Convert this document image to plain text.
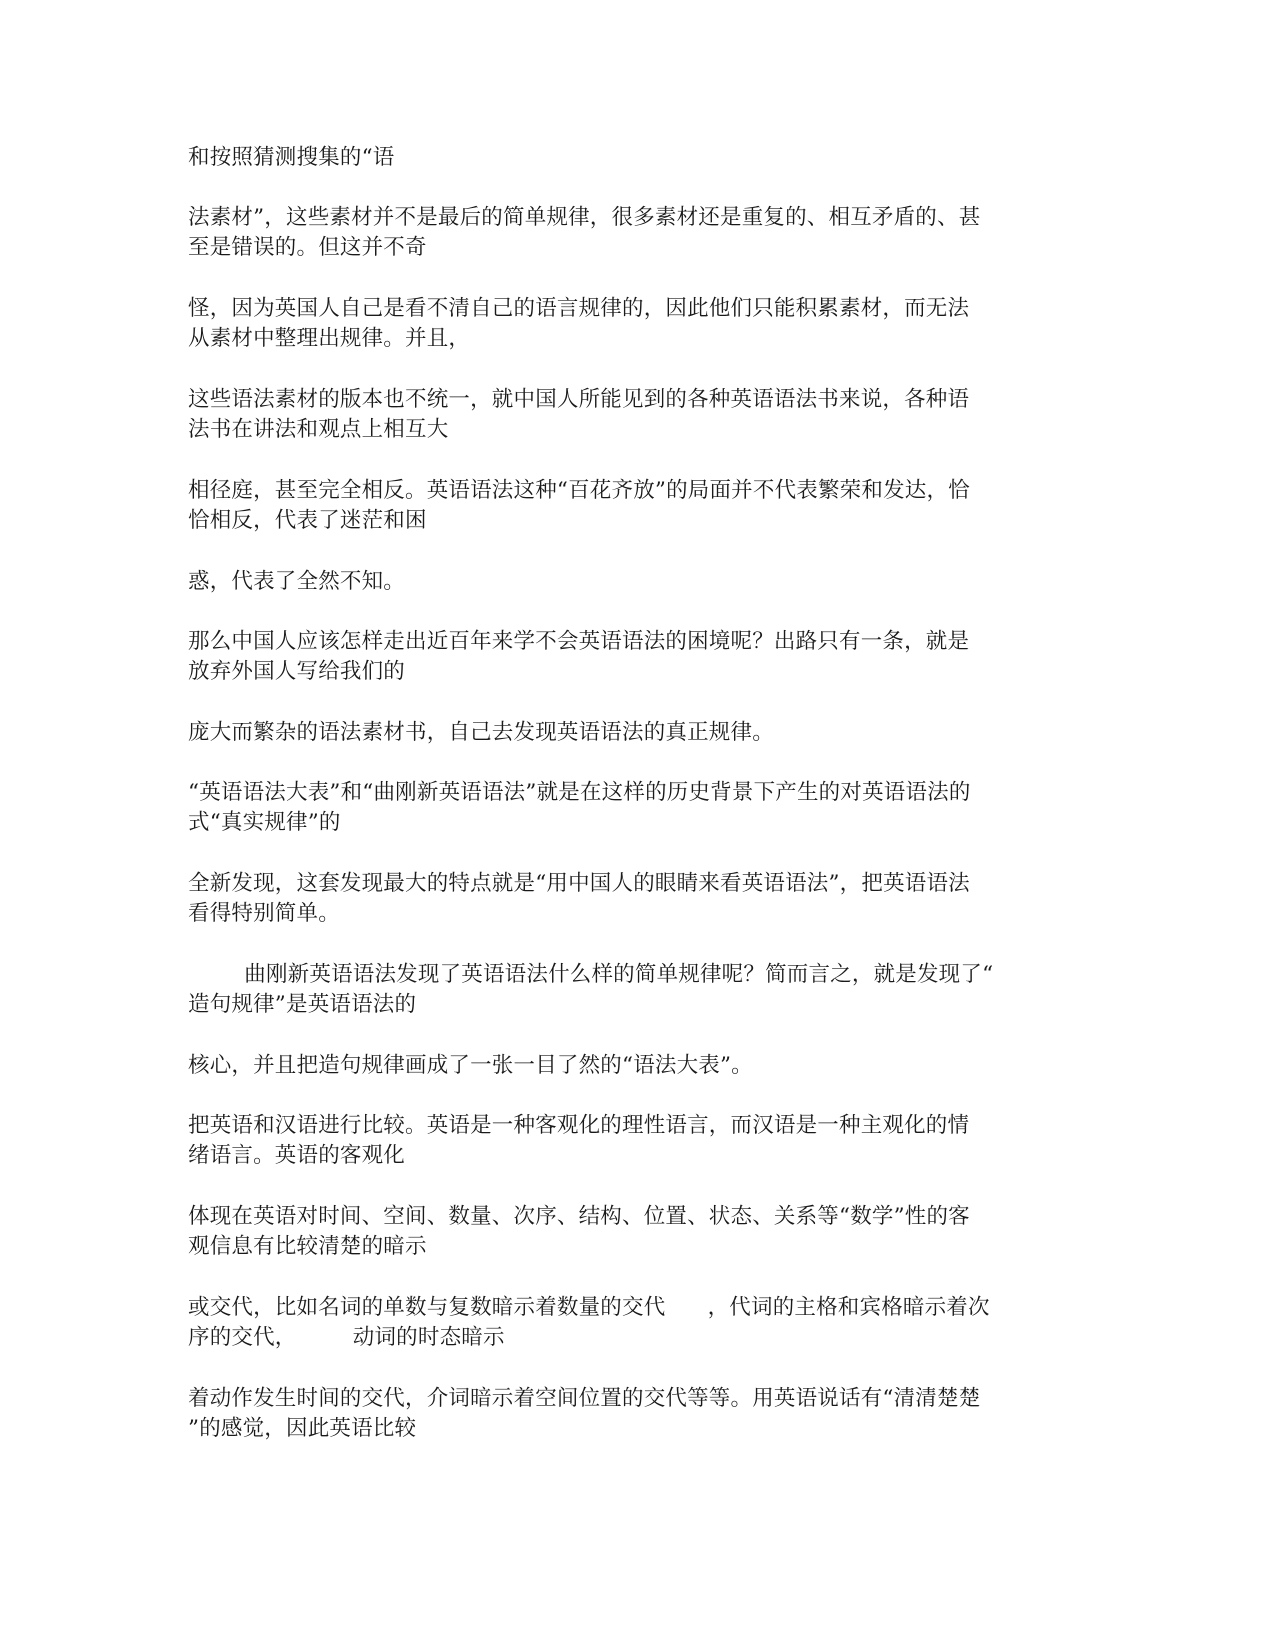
和按照猜测搜集的“语
法素材”，这些素材并不是最后的简单规律，很多素材还是重复的、相互矛盾的、甚
至是错误的。但这并不奇
怪，因为英国人自己是看不清自己的语言规律的，因此他们只能积累素材，而无法
从素材中整理出规律。并且，
这些语法素材的版本也不统一，就中国人所能见到的各种英语语法书来说，各种语
法书在讲法和观点上相互大
相径庭，甚至完全相反。英语语法这种“百花齐放”的局面并不代表繁荣和发达，恰
恰相反，代表了迷茫和困
惑，代表了全然不知。
那么中国人应该怎样走出近百年来学不会英语语法的困境呢？出路只有一条，就是
放弃外国人写给我们的
庞大而繁杂的语法素材书，自己去发现英语语法的真正规律。
“英语语法大表”和“曲刚新英语语法”就是在这样的历史背景下产生的对英语语法的
式“真实规律”的
全新发现，这套发现最大的特点就是“用中国人的眼睛来看英语语法”，把英语语法
看得特别简单。
曲刚新英语语法发现了英语语法什么样的简单规律呢？简而言之，就是发现了“
造句规律”是英语语法的
核心，并且把造句规律画成了一张一目了然的“语法大表”。
把英语和汉语进行比较。英语是一种客观化的理性语言，而汉语是一种主观化的情
绪语言。英语的客观化
体现在英语对时间、空间、数量、次序、结构、位置、状态、关系等“数学”性的客
观信息有比较清楚的暗示
或交代，比如名词的单数与复数暗示着数量的交代      ，代词的主格和宾格暗示着次
序的交代，        动词的时态暗示
着动作发生时间的交代，介词暗示着空间位置的交代等等。用英语说话有“清清楚楚
”的感觉，因此英语比较
